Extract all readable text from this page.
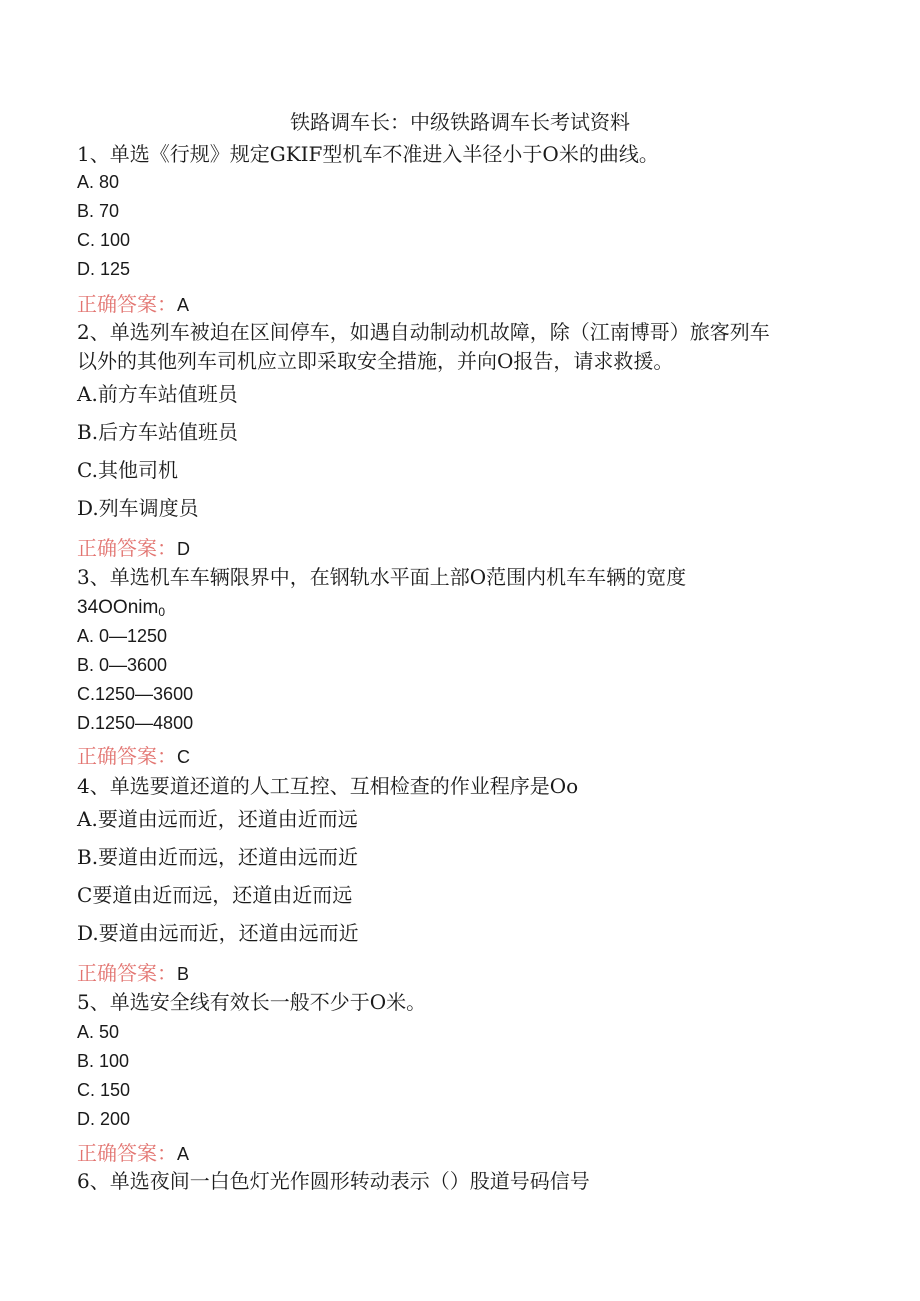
铁路调车长：中级铁路调车长考试资料
1、单选《行规》规定GKIF型机车不准进入半径小于O米的曲线。
A. 80
B. 70
C. 100
D. 125
正确答案：A
2、单选列车被迫在区间停车，如遇自动制动机故障，除（江南博哥）旅客列车
以外的其他列车司机应立即采取安全措施，并向O报告，请求救援。
A.前方车站值班员
B.后方车站值班员
C.其他司机
D.列车调度员
正确答案：D
3、单选机车车辆限界中，在钢轨水平面上部O范围内机车车辆的宽度
34OOnim$_0$
A. 0—1250
B. 0—3600
C.1250—3600
D.1250—4800
正确答案：C
4、单选要道还道的人工互控、互相检查的作业程序是Oo
A.要道由远而近，还道由近而远
B.要道由近而远，还道由远而近
C要道由近而远，还道由近而远
D.要道由远而近，还道由远而近
正确答案：B
5、单选安全线有效长一般不少于O米。
A. 50
B. 100
C. 150
D. 200
正确答案：A
6、单选夜间一白色灯光作圆形转动表示（）股道号码信号
